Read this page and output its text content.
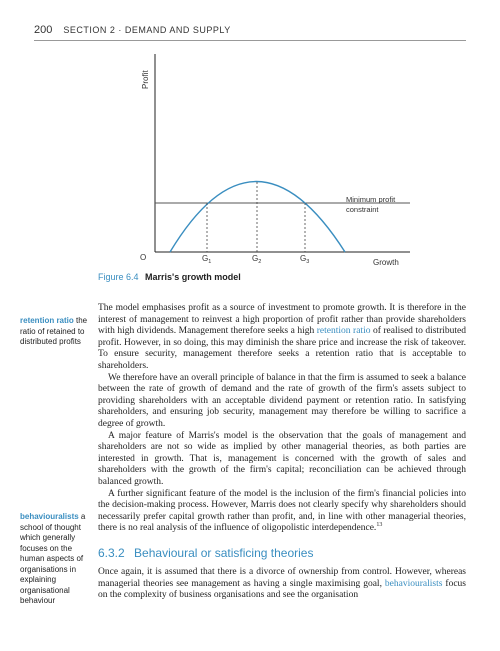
200 SECTION 2 · DEMAND AND SUPPLY
Profit
Growth
O
Minimum profit
constraint
$G_1$	$G_2$	$G_3$
Figure 6.4 Marris's growth model
retention ratio the
ratio of retained to
distributed profits
behaviouralists a
school of thought
which generally
focuses on the
human aspects of
organisations in
explaining
organisational
behaviour

The model emphasises profit as a source of investment to promote growth. It is therefore in the interest of management to reinvest a high proportion of profit rather than provide shareholders with high dividends. Management therefore seeks a high retention ratio of realised to distributed profit. However, in so doing, this may diminish the share price and increase the risk of takeover. To ensure security, management therefore seeks a retention ratio that is acceptable to shareholders.

We therefore have an overall principle of balance in that the firm is assumed to seek a balance between the rate of growth of demand and the rate of growth of the firm's assets subject to providing shareholders with an acceptable dividend payment or retention ratio. In satisfying shareholders, and ensuring job security, management may therefore be willing to sacrifice a degree of growth.

A major feature of Marris's model is the observation that the goals of management and shareholders are not so wide as implied by other managerial theories, as both parties are interested in growth. That is, management is concerned with the growth of sales and shareholders with the growth of the firm's capital; reconciliation can be achieved through balanced growth.

A further significant feature of the model is the inclusion of the firm's financial policies into the decision-making process. However, Marris does not clearly specify why shareholders should necessarily prefer capital growth rather than profit, and, in line with other managerial theories, there is no real analysis of the influence of oligopolistic interdependence.$^{13}$

6.3.2 Behavioural or satisficing theories

Once again, it is assumed that there is a divorce of ownership from control. However, whereas managerial theories see management as having a single maximising goal, behaviouralists focus on the complexity of business organisations and see the organisation
